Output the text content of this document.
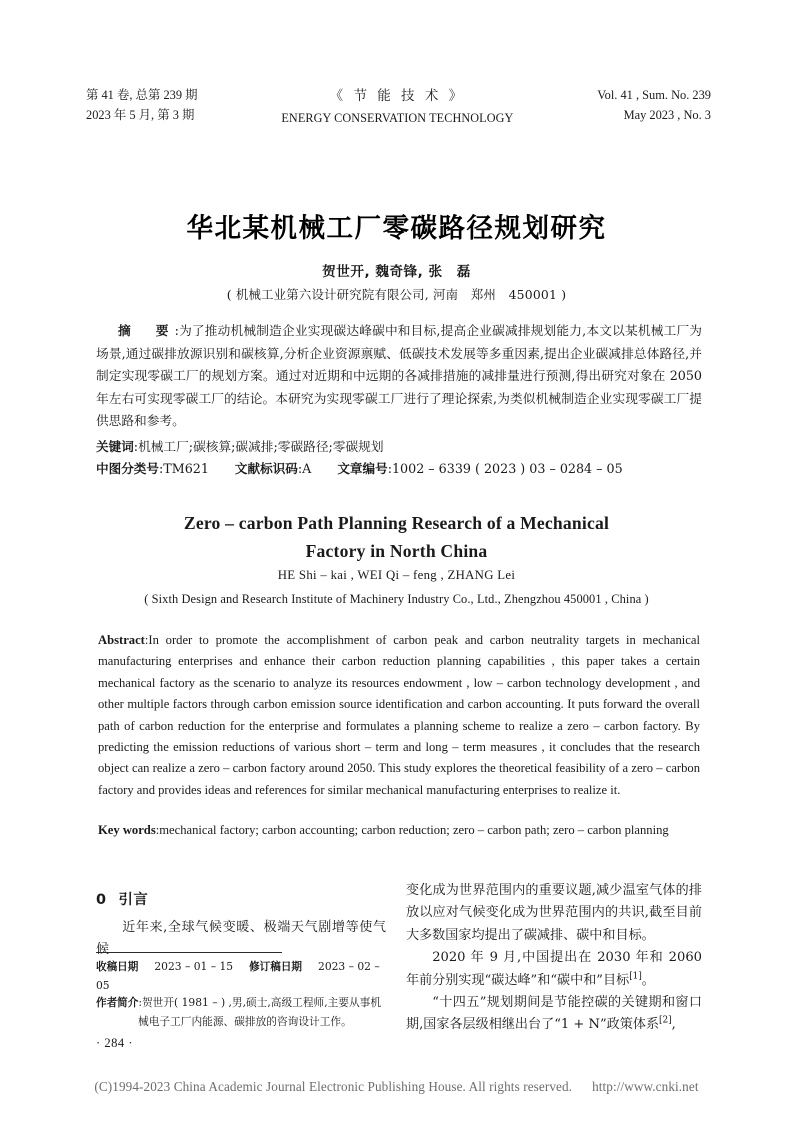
第 41 卷, 总第 239 期
2023 年 5 月, 第 3 期
《 节 能 技 术 》
ENERGY CONSERVATION TECHNOLOGY
Vol. 41 , Sum. No. 239
May 2023 , No. 3
华北某机械工厂零碳路径规划研究
贺世开, 魏奇锋, 张　磊
( 机械工业第六设计研究院有限公司, 河南　郑州　450001 )
摘　要:为了推动机械制造企业实现碳达峰碳中和目标,提高企业碳减排规划能力,本文以某机械工厂为场景,通过碳排放源识别和碳核算,分析企业资源禀赋、低碳技术发展等多重因素,提出企业碳减排总体路径,并制定实现零碳工厂的规划方案。通过对近期和中远期的各减排措施的减排量进行预测,得出研究对象在 2050 年左右可实现零碳工厂的结论。本研究为实现零碳工厂进行了理论探索,为类似机械制造企业实现零碳工厂提供思路和参考。
关键词:机械工厂;碳核算;碳减排;零碳路径;零碳规划
中图分类号:TM621 文献标识码:A 文章编号:1002 – 6339 ( 2023 ) 03 – 0284 – 05
Zero – carbon Path Planning Research of a Mechanical
Factory in North China
HE Shi – kai , WEI Qi – feng , ZHANG Lei
( Sixth Design and Research Institute of Machinery Industry Co., Ltd., Zhengzhou 450001 , China )
Abstract:In order to promote the accomplishment of carbon peak and carbon neutrality targets in mechanical manufacturing enterprises and enhance their carbon reduction planning capabilities , this paper takes a certain mechanical factory as the scenario to analyze its resources endowment , low – carbon technology development , and other multiple factors through carbon emission source identification and carbon accounting. It puts forward the overall path of carbon reduction for the enterprise and formulates a planning scheme to realize a zero – carbon factory. By predicting the emission reductions of various short – term and long – term measures , it concludes that the research object can realize a zero – carbon factory around 2050. This study explores the theoretical feasibility of a zero – carbon factory and provides ideas and references for similar mechanical manufacturing enterprises to realize it.
Key words:mechanical factory; carbon accounting; carbon reduction; zero – carbon path; zero – carbon planning
0 引言

近年来,全球气候变暖、极端天气剧增等使气候

变化成为世界范围内的重要议题,减少温室气体的排放以应对气候变化成为世界范围内的共识,截至目前大多数国家均提出了碳减排、碳中和目标。

2020 年 9 月,中国提出在 2030 年和 2060 年前分别实现“碳达峰”和“碳中和”目标[1]。

“十四五”规划期间是节能控碳的关键期和窗口期,国家各层级相继出台了“1 + N”政策体系[2],

收稿日期 2023 – 01 – 15 修订稿日期 2023 – 02 – 05
作者简介:贺世开( 1981 – ) ,男,硕士,高级工程师,主要从事机
械电子工厂内能源、碳排放的咨询设计工作。
· 284 ·
(C)1994-2023 China Academic Journal Electronic Publishing House. All rights reserved. http://www.cnki.net
